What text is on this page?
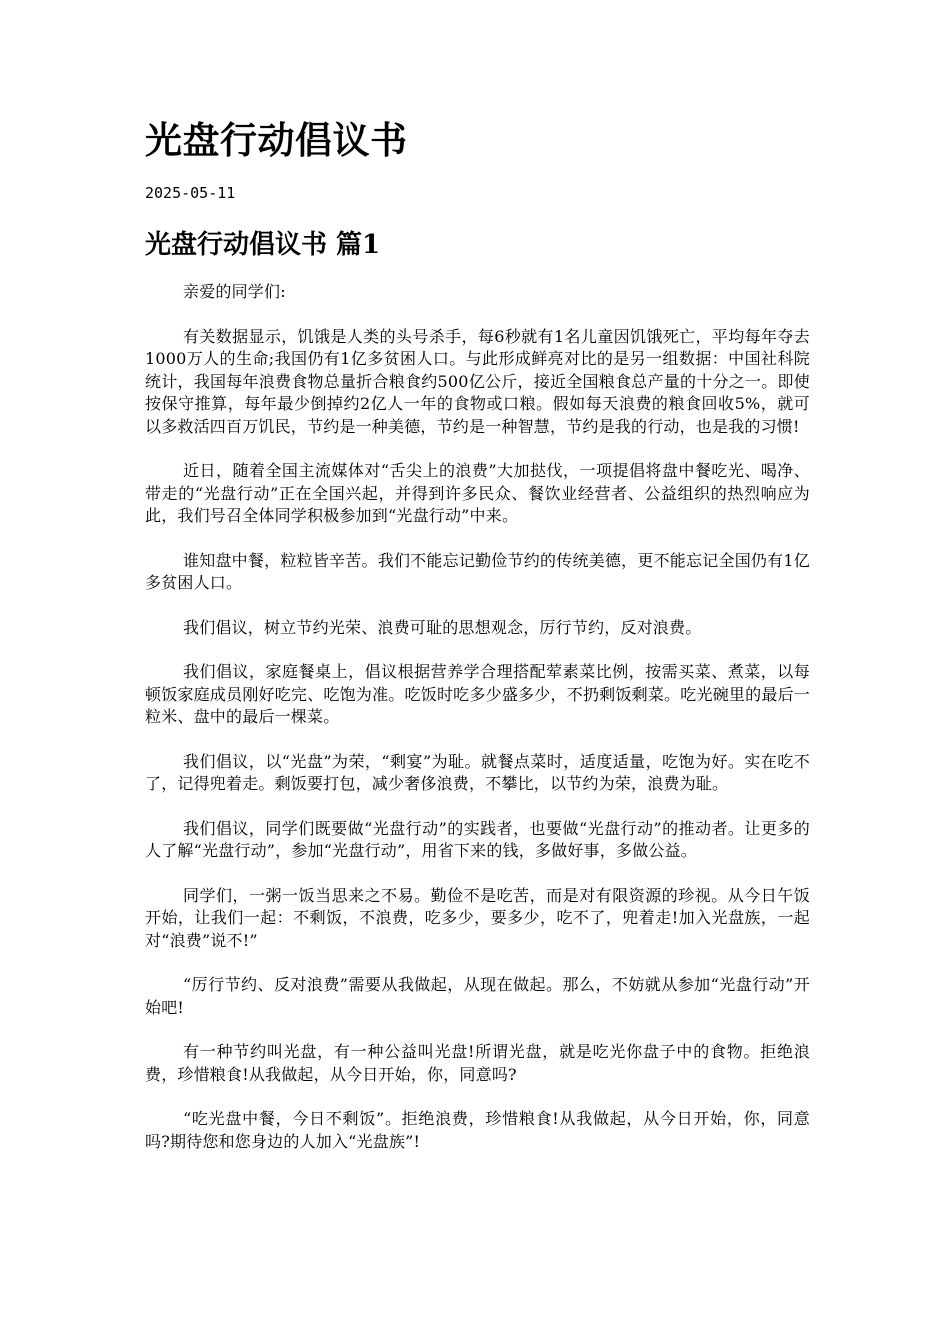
光盘行动倡议书
2025-05-11
光盘行动倡议书 篇1

亲爱的同学们:

有关数据显示，饥饿是人类的头号杀手，每6秒就有1名儿童因饥饿死亡，平均每年夺去1000万人的生命;我国仍有1亿多贫困人口。与此形成鲜亮对比的是另一组数据：中国社科院统计，我国每年浪费食物总量折合粮食约500亿公斤，接近全国粮食总产量的十分之一。即使按保守推算，每年最少倒掉约2亿人一年的食物或口粮。假如每天浪费的粮食回收5%，就可以多救活四百万饥民，节约是一种美德，节约是一种智慧，节约是我的行动，也是我的习惯!

近日，随着全国主流媒体对“舌尖上的浪费”大加挞伐，一项提倡将盘中餐吃光、喝净、带走的“光盘行动”正在全国兴起，并得到许多民众、餐饮业经营者、公益组织的热烈响应为此，我们号召全体同学积极参加到“光盘行动”中来。

谁知盘中餐，粒粒皆辛苦。我们不能忘记勤俭节约的传统美德，更不能忘记全国仍有1亿多贫困人口。

我们倡议，树立节约光荣、浪费可耻的思想观念，厉行节约，反对浪费。

我们倡议，家庭餐桌上，倡议根据营养学合理搭配荤素菜比例，按需买菜、煮菜，以每顿饭家庭成员刚好吃完、吃饱为准。吃饭时吃多少盛多少，不扔剩饭剩菜。吃光碗里的最后一粒米、盘中的最后一棵菜。

我们倡议，以“光盘”为荣，“剩宴”为耻。就餐点菜时，适度适量，吃饱为好。实在吃不了，记得兜着走。剩饭要打包，减少奢侈浪费，不攀比，以节约为荣，浪费为耻。

我们倡议，同学们既要做“光盘行动”的实践者，也要做“光盘行动”的推动者。让更多的人了解“光盘行动”，参加“光盘行动”，用省下来的钱，多做好事，多做公益。

同学们，一粥一饭当思来之不易。勤俭不是吃苦，而是对有限资源的珍视。从今日午饭开始，让我们一起：不剩饭，不浪费，吃多少，要多少，吃不了，兜着走!加入光盘族，一起对“浪费”说不!”

“厉行节约、反对浪费”需要从我做起，从现在做起。那么，不妨就从参加“光盘行动”开始吧!

有一种节约叫光盘，有一种公益叫光盘!所谓光盘，就是吃光你盘子中的食物。拒绝浪费，珍惜粮食!从我做起，从今日开始，你，同意吗?

“吃光盘中餐，今日不剩饭”。拒绝浪费，珍惜粮食!从我做起，从今日开始，你，同意吗?期待您和您身边的人加入“光盘族”!
